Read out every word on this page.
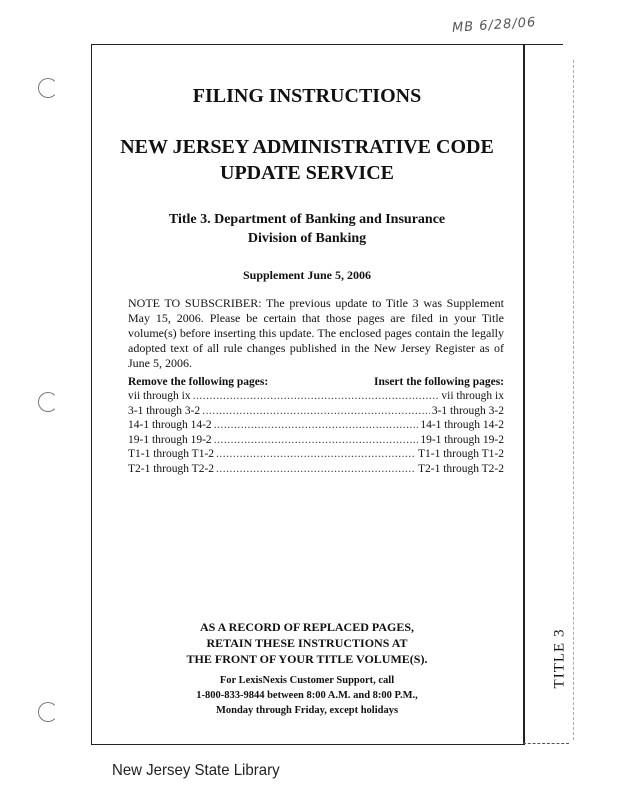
MB 6/28/06
TITLE 3
FILING INSTRUCTIONS
NEW JERSEY ADMINISTRATIVE CODE
UPDATE SERVICE
Title 3. Department of Banking and Insurance
Division of Banking
Supplement June 5, 2006
NOTE TO SUBSCRIBER: The previous update to Title 3 was Supplement May 15, 2006. Please be certain that those pages are filed in your Title volume(s) before inserting this update. The enclosed pages contain the legally adopted text of all rule changes published in the New Jersey Register as of June 5, 2006.
Remove the following pages:	Insert the following pages:
vii through ix .....	vii through ix
3-1 through 3-2 .....	3-1 through 3-2
14-1 through 14-2 .....	14-1 through 14-2
19-1 through 19-2 .....	19-1 through 19-2
T1-1 through T1-2 .....	T1-1 through T1-2
T2-1 through T2-2 .....	T2-1 through T2-2
AS A RECORD OF REPLACED PAGES,
RETAIN THESE INSTRUCTIONS AT
THE FRONT OF YOUR TITLE VOLUME(S).
For LexisNexis Customer Support, call
1-800-833-9844 between 8:00 A.M. and 8:00 P.M.,
Monday through Friday, except holidays
New Jersey State Library
